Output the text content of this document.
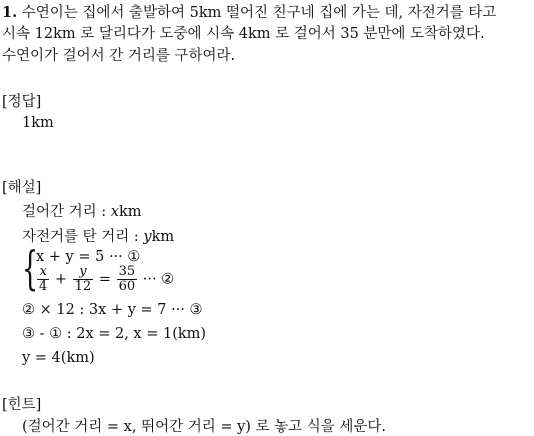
1. 수연이는 집에서 출발하여 5km 떨어진 친구네 집에 가는 데, 자전거를 타고
시속 12km 로 달리다가 도중에 시속 4km 로 걸어서 35 분만에 도착하였다.
수연이가 걸어서 간 거리를 구하여라.
[정답]
1km
[해설]
걸어간 거리 : xkm
자전거를 탄 거리 : ykm
{
x + y = 5 ··· ①
$\frac{x}{4} + \frac{y}{12} = \frac{35}{60}$ ··· ②
② × 12 : 3x + y = 7 ··· ③
③ - ① : 2x = 2, x = 1(km)
y = 4(km)
[힌트]
(걸어간 거리 = x, 뛰어간 거리 = y) 로 놓고 식을 세운다.
